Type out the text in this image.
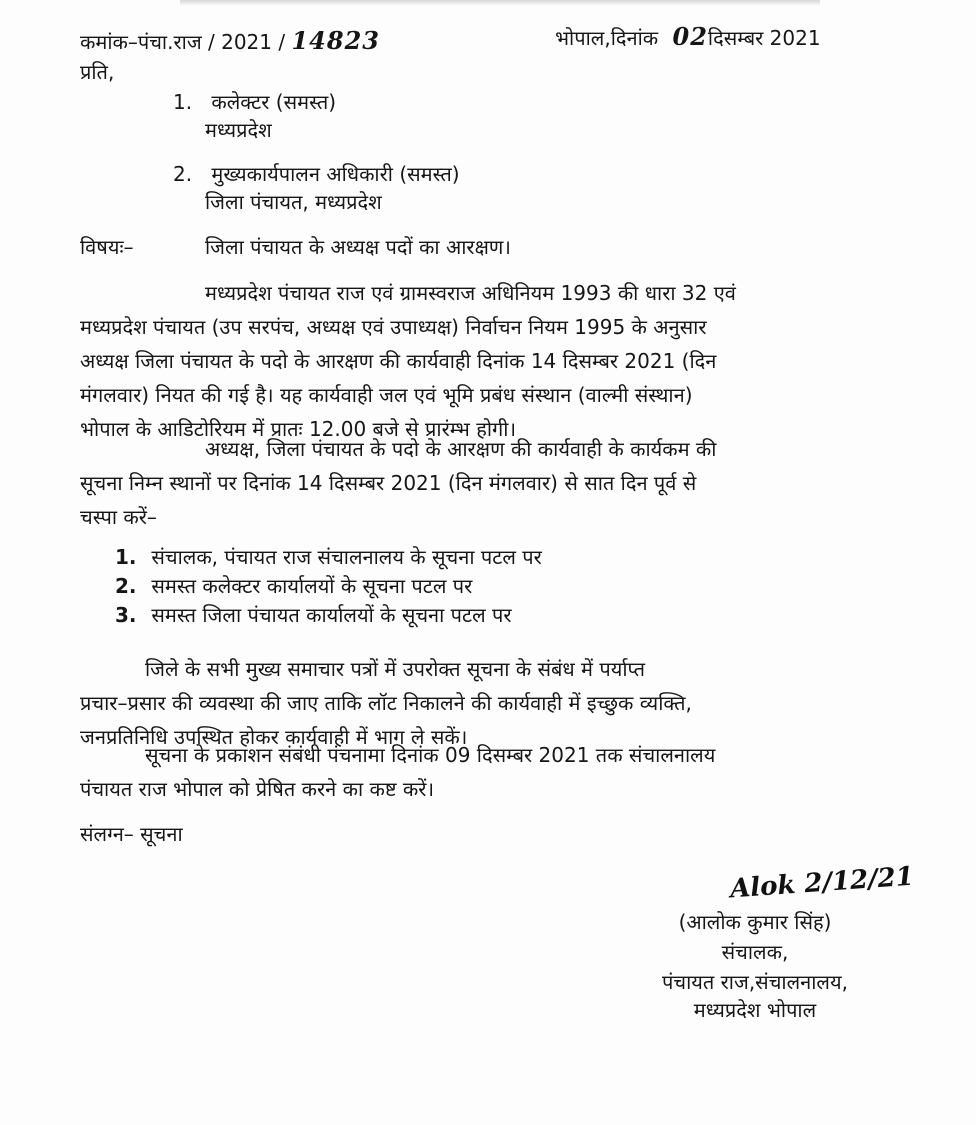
कमांक–पंचा.राज / 2021 / 14823	भोपाल,दिनांक 02दिसम्बर 2021
प्रति,
1. कलेक्टर (समस्त)
मध्यप्रदेश
2. मुख्यकार्यपालन अधिकारी (समस्त)
जिला पंचायत, मध्यप्रदेश
विषयः–	जिला पंचायत के अध्यक्ष पदों का आरक्षण।
मध्यप्रदेश पंचायत राज एवं ग्रामस्वराज अधिनियम 1993 की धारा 32 एवं
मध्यप्रदेश पंचायत (उप सरपंच, अध्यक्ष एवं उपाध्यक्ष) निर्वाचन नियम 1995 के अनुसार
अध्यक्ष जिला पंचायत के पदो के आरक्षण की कार्यवाही दिनांक 14 दिसम्बर 2021 (दिन
मंगलवार) नियत की गई है। यह कार्यवाही जल एवं भूमि प्रबंध संस्थान (वाल्मी संस्थान)
भोपाल के आडिटोरियम में प्रातः 12.00 बजे से प्रारंम्भ होगी।
अध्यक्ष, जिला पंचायत के पदो के आरक्षण की कार्यवाही के कार्यकम की
सूचना निम्न स्थानों पर दिनांक 14 दिसम्बर 2021 (दिन मंगलवार) से सात दिन पूर्व से
चस्पा करें–
1. संचालक, पंचायत राज संचालनालय के सूचना पटल पर
2. समस्त कलेक्टर कार्यालयों के सूचना पटल पर
3. समस्त जिला पंचायत कार्यालयों के सूचना पटल पर
जिले के सभी मुख्य समाचार पत्रों में उपरोक्त सूचना के संबंध में पर्याप्त
प्रचार–प्रसार की व्यवस्था की जाए ताकि लॉट निकालने की कार्यवाही में इच्छुक व्यक्ति,
जनप्रतिनिधि उपस्थित होकर कार्यवाही में भाग ले सकें।
सूचना के प्रकाशन संबंधी पंचनामा दिनांक 09 दिसम्बर 2021 तक संचालनालय
पंचायत राज भोपाल को प्रेषित करने का कष्ट करें।
संलग्न– सूचना
Alok 2/12/21
(आलोक कुमार सिंह)
संचालक,
पंचायत राज,संचालनालय,
मध्यप्रदेश भोपाल
